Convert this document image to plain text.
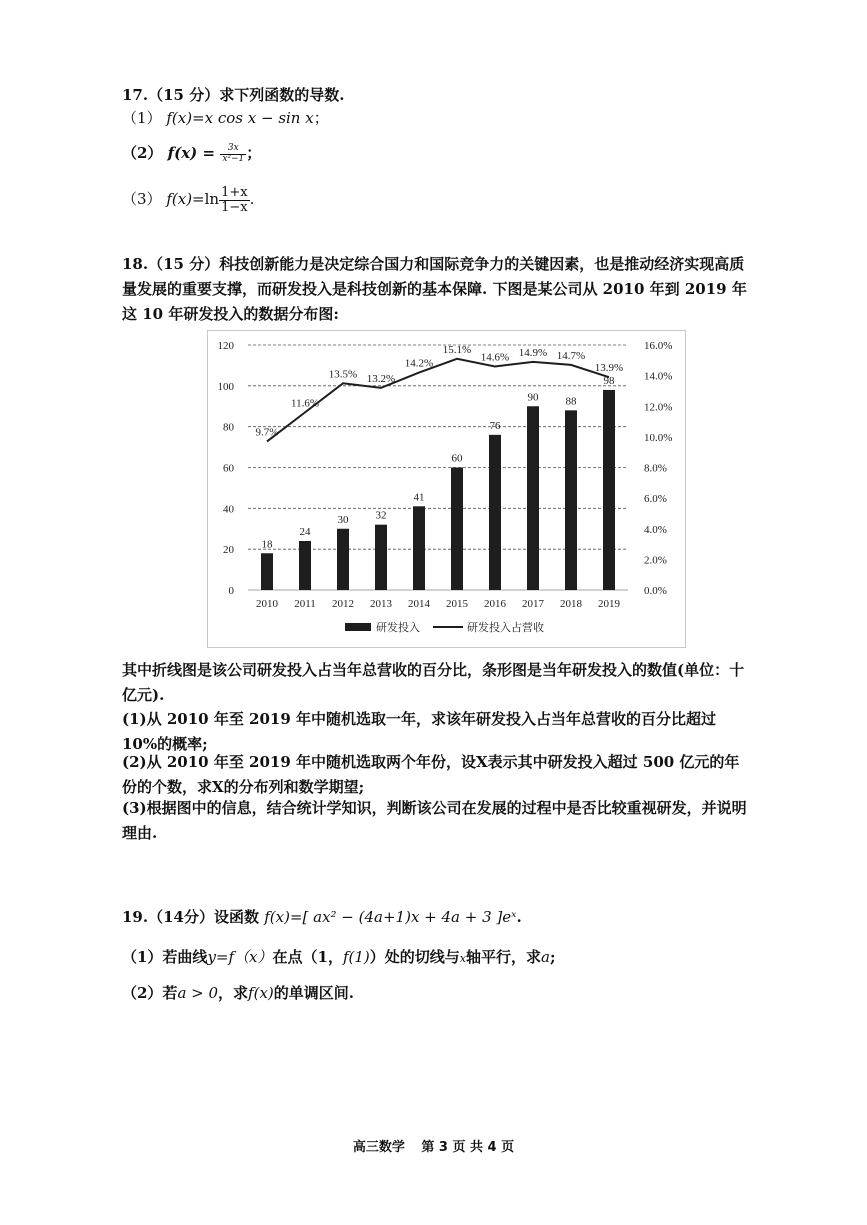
17.（15 分）求下列函数的导数.
（1） f(x)=x cos x − sin x；
（2） $f(x) = \frac{3x}{\text{x²−1}}$ ；
（3） $f(x)=\ln \frac{1+x}{1-x}$ .
18.（15 分）科技创新能力是决定综合国力和国际竞争力的关键因素，也是推动经济实现高质量发展的重要支撑，而研发投入是科技创新的基本保障. 下图是某公司从 2010 年到 2019 年这 10 年研发投入的数据分布图:
0
20
40
60
80
100
120
0.0%
2.0%
4.0%
6.0%
8.0%
10.0%
12.0%
14.0%
16.0%
18
24
30 32
41
60
76
90 88
98
2010 2011 2012 2013 2014 2015 2016 2017 2018 2019
9.7%
11.6%
13.5% 13.2%
14.2%
15.1%
14.6% 14.9% 14.7%
13.9%
研发投入	研发投入占营收
其中折线图是该公司研发投入占当年总营收的百分比，条形图是当年研发投入的数值(单位：十亿元).
(1)从 2010 年至 2019 年中随机选取一年，求该年研发投入占当年总营收的百分比超过 10%的概率;
(2)从 2010 年至 2019 年中随机选取两个年份，设X表示其中研发投入超过 500 亿元的年份的个数，求X的分布列和数学期望;
(3)根据图中的信息，结合统计学知识，判断该公司在发展的过程中是否比较重视研发，并说明理由.
19.（14分）设函数 f(x)=[ ax² − (4a+1)x + 4a + 3 ]eˣ.
（1）若曲线y=f（x）在点（1，f(1)）处的切线与x轴平行，求a;
（2）若a > 0，求f(x)的单调区间.
高三数学 第 3 页 共 4 页
